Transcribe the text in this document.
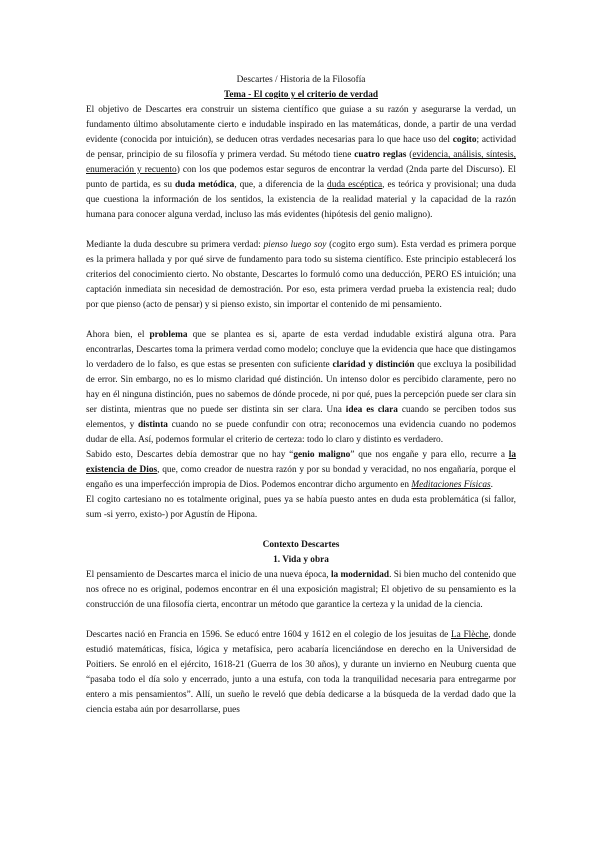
Descartes / Historia de la Filosofía

Tema - El cogito y el criterio de verdad

El objetivo de Descartes era construir un sistema científico que guiase a su razón y asegurarse la verdad, un fundamento último absolutamente cierto e indudable inspirado en las matemáticas, donde, a partir de una verdad evidente (conocida por intuición), se deducen otras verdades necesarias para lo que hace uso del cogito; actividad de pensar, principio de su filosofía y primera verdad. Su método tiene cuatro reglas (evidencia, análisis, síntesis, enumeración y recuento) con los que podemos estar seguros de encontrar la verdad (2nda parte del Discurso). El punto de partida, es su duda metódica, que, a diferencia de la duda escéptica, es teórica y provisional; una duda que cuestiona la información de los sentidos, la existencia de la realidad material y la capacidad de la razón humana para conocer alguna verdad, incluso las más evidentes (hipótesis del genio maligno).

Mediante la duda descubre su primera verdad: pienso luego soy (cogito ergo sum). Esta verdad es primera porque es la primera hallada y por qué sirve de fundamento para todo su sistema científico. Este principio establecerá los criterios del conocimiento cierto. No obstante, Descartes lo formuló como una deducción, PERO ES intuición; una captación inmediata sin necesidad de demostración. Por eso, esta primera verdad prueba la existencia real; dudo por que pienso (acto de pensar) y si pienso existo, sin importar el contenido de mi pensamiento.

Ahora bien, el problema que se plantea es si, aparte de esta verdad indudable existirá alguna otra. Para encontrarlas, Descartes toma la primera verdad como modelo; concluye que la evidencia que hace que distingamos lo verdadero de lo falso, es que estas se presenten con suficiente claridad y distinción que excluya la posibilidad de error. Sin embargo, no es lo mismo claridad qué distinción. Un intenso dolor es percibido claramente, pero no hay en él ninguna distinción, pues no sabemos de dónde procede, ni por qué, pues la percepción puede ser clara sin ser distinta, mientras que no puede ser distinta sin ser clara. Una idea es clara cuando se perciben todos sus elementos, y distinta cuando no se puede confundir con otra; reconocemos una evidencia cuando no podemos dudar de ella. Así, podemos formular el criterio de certeza: todo lo claro y distinto es verdadero.

Sabido esto, Descartes debía demostrar que no hay “genio maligno” que nos engañe y para ello, recurre a la existencia de Dios, que, como creador de nuestra razón y por su bondad y veracidad, no nos engañaría, porque el engaño es una imperfección impropia de Dios. Podemos encontrar dicho argumento en Meditaciones Físicas.

El cogito cartesiano no es totalmente original, pues ya se había puesto antes en duda esta problemática (si fallor, sum -si yerro, existo-) por Agustín de Hipona.

Contexto Descartes

1. Vida y obra

El pensamiento de Descartes marca el inicio de una nueva época, la modernidad. Si bien mucho del contenido que nos ofrece no es original, podemos encontrar en él una exposición magistral; El objetivo de su pensamiento es la construcción de una filosofía cierta, encontrar un método que garantice la certeza y la unidad de la ciencia.

Descartes nació en Francia en 1596. Se educó entre 1604 y 1612 en el colegio de los jesuitas de La Flèche, donde estudió matemáticas, física, lógica y metafísica, pero acabaría licenciándose en derecho en la Universidad de Poitiers. Se enroló en el ejército, 1618-21 (Guerra de los 30 años), y durante un invierno en Neuburg cuenta que “pasaba todo el día solo y encerrado, junto a una estufa, con toda la tranquilidad necesaria para entregarme por entero a mis pensamientos”. Allí, un sueño le reveló que debía dedicarse a la búsqueda de la verdad dado que la ciencia estaba aún por desarrollarse, pues
